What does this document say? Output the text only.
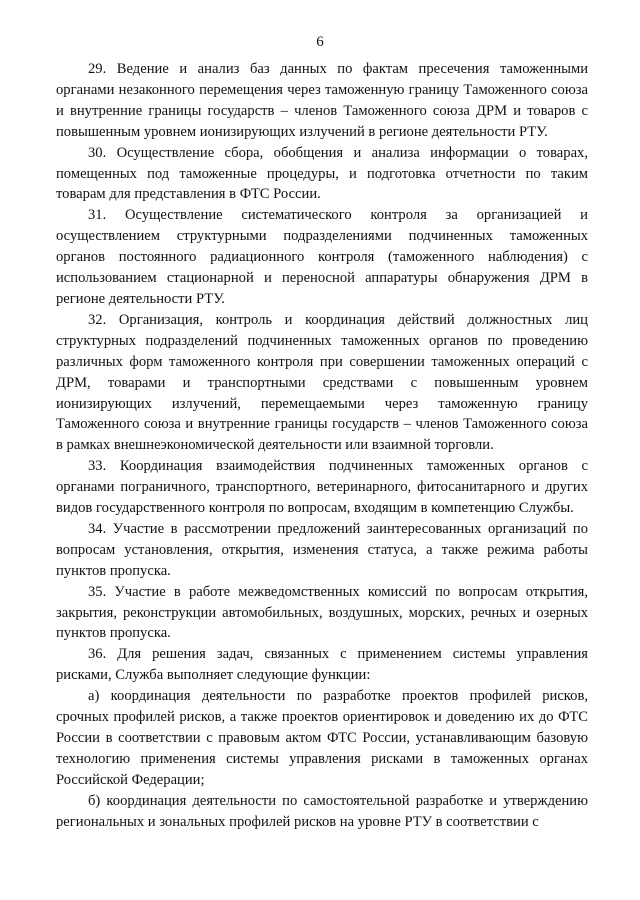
6

29. Ведение и анализ баз данных по фактам пресечения таможенными органами незаконного перемещения через таможенную границу Таможенного союза и внутренние границы государств – членов Таможенного союза ДРМ и товаров с повышенным уровнем ионизирующих излучений в регионе деятельности РТУ.

30. Осуществление сбора, обобщения и анализа информации о товарах, помещенных под таможенные процедуры, и подготовка отчетности по таким товарам для представления в ФТС России.

31. Осуществление систематического контроля за организацией и осуществлением структурными подразделениями подчиненных таможенных органов постоянного радиационного контроля (таможенного наблюдения) с использованием стационарной и переносной аппаратуры обнаружения ДРМ в регионе деятельности РТУ.

32. Организация, контроль и координация действий должностных лиц структурных подразделений подчиненных таможенных органов по проведению различных форм таможенного контроля при совершении таможенных операций с ДРМ, товарами и транспортными средствами с повышенным уровнем ионизирующих излучений, перемещаемыми через таможенную границу Таможенного союза и внутренние границы государств – членов Таможенного союза в рамках внешнеэкономической деятельности или взаимной торговли.

33. Координация взаимодействия подчиненных таможенных органов с органами пограничного, транспортного, ветеринарного, фитосанитарного и других видов государственного контроля по вопросам, входящим в компетенцию Службы.

34. Участие в рассмотрении предложений заинтересованных организаций по вопросам установления, открытия, изменения статуса, а также режима работы пунктов пропуска.

35. Участие в работе межведомственных комиссий по вопросам открытия, закрытия, реконструкции автомобильных, воздушных, морских, речных и озерных пунктов пропуска.

36. Для решения задач, связанных с применением системы управления рисками, Служба выполняет следующие функции:

а) координация деятельности по разработке проектов профилей рисков, срочных профилей рисков, а также проектов ориентировок и доведению их до ФТС России в соответствии с правовым актом ФТС России, устанавливающим базовую технологию применения системы управления рисками в таможенных органах Российской Федерации;

б) координация деятельности по самостоятельной разработке и утверждению региональных и зональных профилей рисков на уровне РТУ в соответствии с
